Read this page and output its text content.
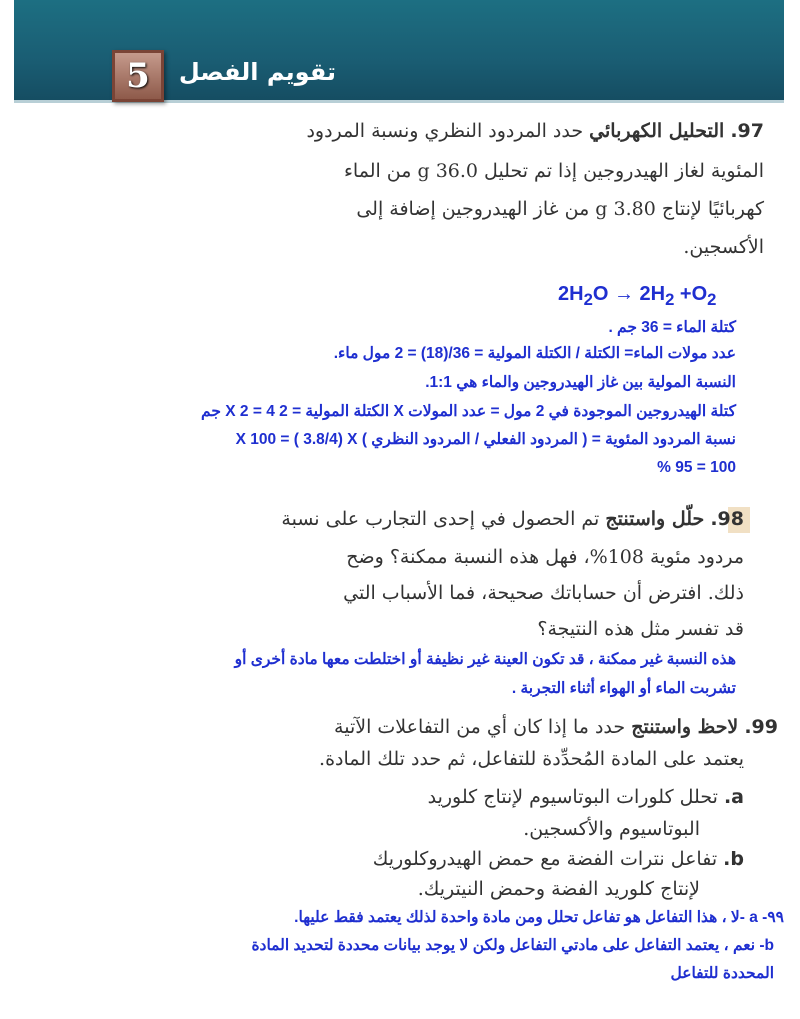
5	تقويم الفصل
97. التحليل الكهربائي حدد المردود النظري ونسبة المردود
المئوية لغاز الهيدروجين إذا تم تحليل 36.0 g من الماء
كهربائيًا لإنتاج 3.80 g من غاز الهيدروجين إضافة إلى
الأكسجين.
$2H_2O \to 2H_2 +O_2$
كتلة الماء = 36 جم .
عدد مولات الماء= الكتلة / الكتلة المولية = 36/(18) = 2 مول ماء.
النسبة المولية بين غاز الهيدروجين والماء هي 1:1.
كتلة الهيدروجين الموجودة في 2 مول = عدد المولات X الكتلة المولية = 2 X 2 = 4 جم
نسبة المردود المئوية = ( المردود الفعلي / المردود النظري ) X 100 = ( 3.8/4) X
100 = 95 %
98. حلّل واستنتج تم الحصول في إحدى التجارب على نسبة
مردود مئوية 108%، فهل هذه النسبة ممكنة؟ وضح
ذلك. افترض أن حساباتك صحيحة، فما الأسباب التي
قد تفسر مثل هذه النتيجة؟
هذه النسبة غير ممكنة ، قد تكون العينة غير نظيفة أو اختلطت معها مادة أخرى أو
تشربت الماء أو الهواء أثناء التجربة .
99. لاحظ واستنتج حدد ما إذا كان أي من التفاعلات الآتية
يعتمد على المادة المُحدِّدة للتفاعل، ثم حدد تلك المادة.
a. تحلل كلورات البوتاسيوم لإنتاج كلوريد
البوتاسيوم والأكسجين.
b. تفاعل نترات الفضة مع حمض الهيدروكلوريك
لإنتاج كلوريد الفضة وحمض النيتريك.
٩٩- a -لا ، هذا التفاعل هو تفاعل تحلل ومن مادة واحدة لذلك يعتمد فقط عليها.
b- نعم ، يعتمد التفاعل على مادتي التفاعل ولكن لا يوجد بيانات محددة لتحديد المادة
المحددة للتفاعل
